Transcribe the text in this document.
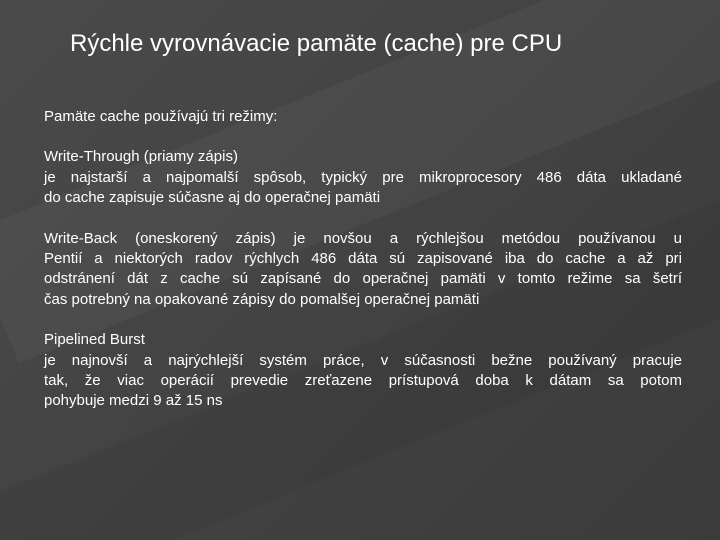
Rýchle vyrovnávacie pamäte (cache) pre CPU

Pamäte cache používajú tri režimy:

Write-Through (priamy zápis)
je najstarší a najpomalší spôsob, typický pre mikroprocesory 486 dáta ukladané
do cache zapisuje súčasne aj do operačnej pamäti

Write-Back (oneskorený zápis) je novšou a rýchlejšou metódou používanou u
Pentií a niektorých radov rýchlych 486 dáta sú zapisované iba do cache a až pri
odstránení dát z cache sú zapísané do operačnej pamäti v tomto režime sa šetrí
čas potrebný na opakované zápisy do pomalšej operačnej pamäti

Pipelined Burst
je najnovší a najrýchlejší systém práce, v súčasnosti bežne používaný pracuje
tak, že viac operácií prevedie zreťazene prístupová doba k dátam sa potom
pohybuje medzi 9 až 15 ns
